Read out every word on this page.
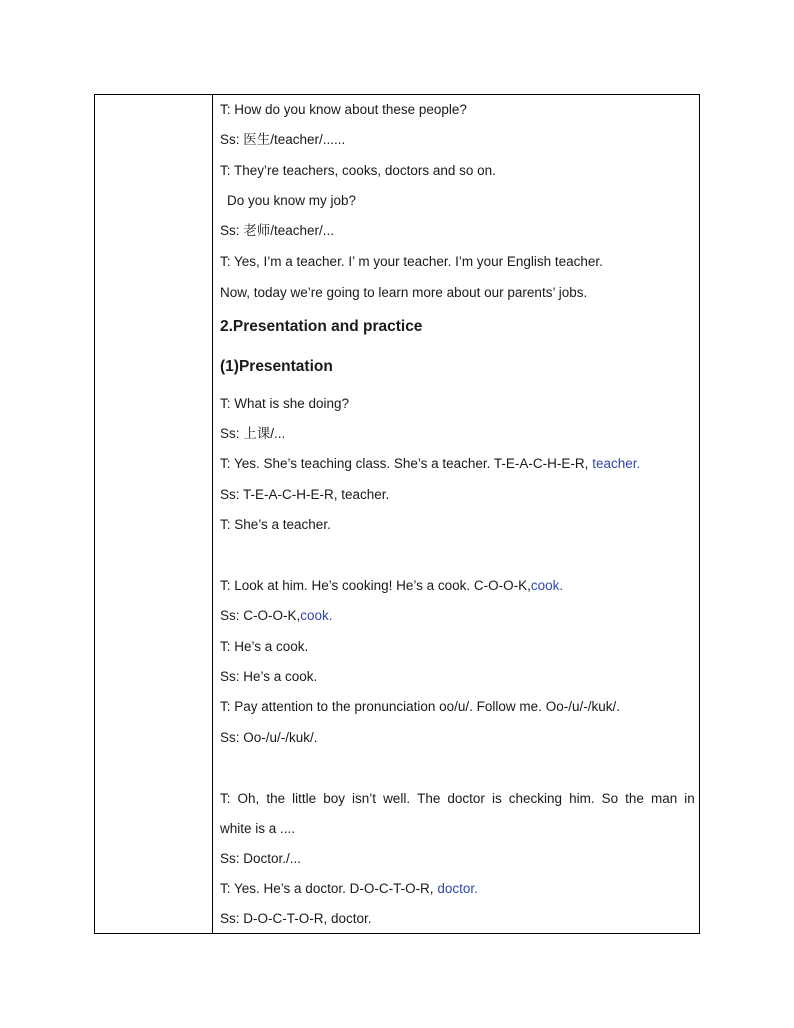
T: How do you know about these people?
Ss: 医生/teacher/......
T: They’re teachers, cooks, doctors and so on.
Do you know my job?
Ss: 老师/teacher/...
T: Yes, I’m a teacher. I’ m your teacher. I’m your English teacher.
Now, today we’re going to learn more about our parents’ jobs.
2.Presentation and practice
(1)Presentation
T: What is she doing?
Ss: 上课/...
T: Yes. She’s teaching class. She’s a teacher. T-E-A-C-H-E-R, teacher.
Ss: T-E-A-C-H-E-R, teacher.
T: She’s a teacher.
T: Look at him. He’s cooking! He’s a cook. C-O-O-K,cook.
Ss: C-O-O-K,cook.
T: He’s a cook.
Ss: He’s a cook.
T: Pay attention to the pronunciation oo/u/. Follow me. Oo-/u/-/kuk/.
Ss: Oo-/u/-/kuk/.
T: Oh, the little boy isn’t well. The doctor is checking him. So the man in
white is a ....
Ss: Doctor./...
T: Yes. He’s a doctor. D-O-C-T-O-R, doctor.
Ss: D-O-C-T-O-R, doctor.
